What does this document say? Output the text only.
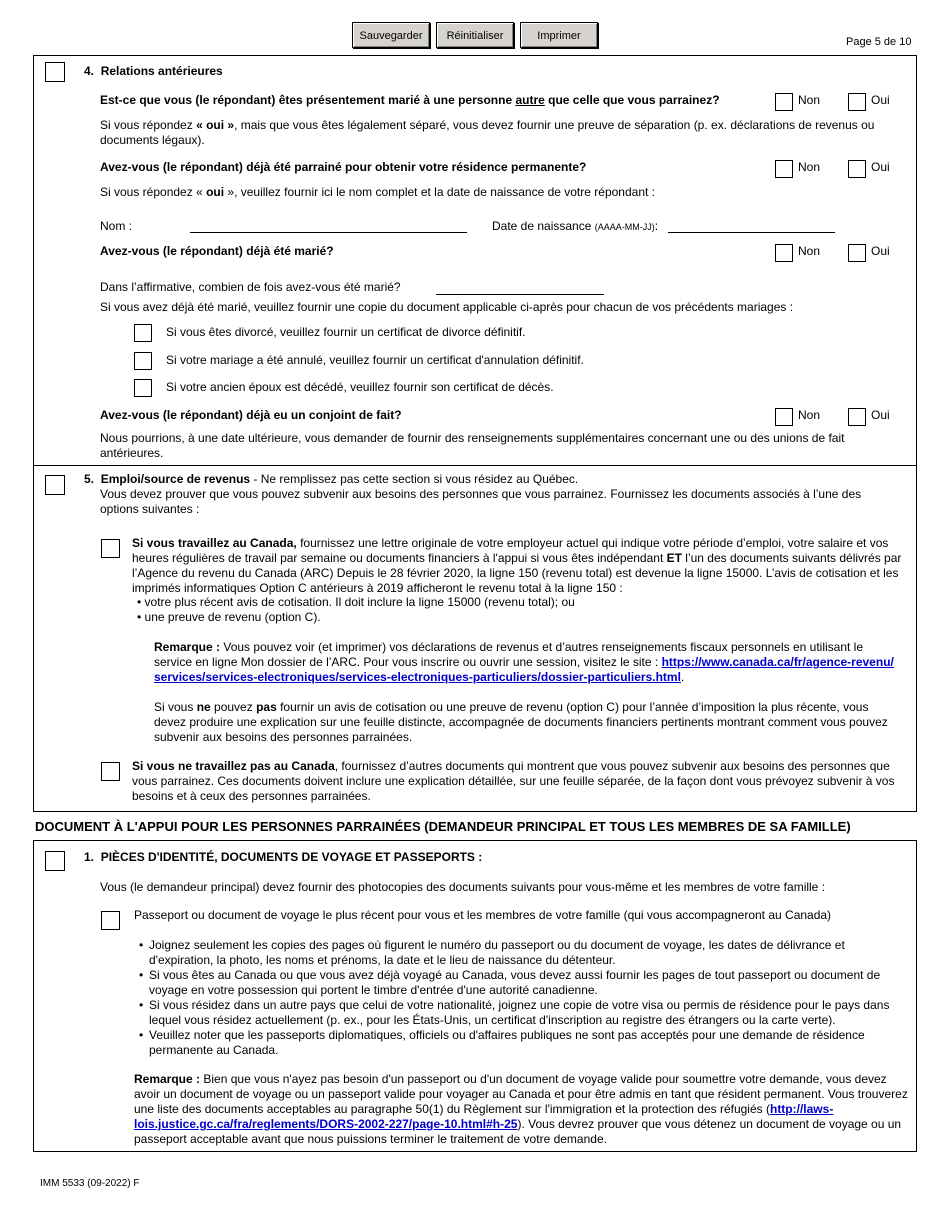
Sauvegarder	Réinitialiser	Imprimer	Page 5 de 10
4. Relations antérieures
Est-ce que vous (le répondant) êtes présentement marié à une personne autre que celle que vous parrainez?	Non	Oui
Si vous répondez « oui », mais que vous êtes légalement séparé, vous devez fournir une preuve de séparation (p. ex. déclarations de revenus ou documents légaux).
Avez-vous (le répondant) déjà été parrainé pour obtenir votre résidence permanente?	Non	Oui
Si vous répondez « oui », veuillez fournir ici le nom complet et la date de naissance de votre répondant :
Nom :	Date de naissance (AAAA-MM-JJ):
Avez-vous (le répondant) déjà été marié?	Non	Oui
Dans l’affirmative, combien de fois avez-vous été marié?
Si vous avez déjà été marié, veuillez fournir une copie du document applicable ci-après pour chacun de vos précédents mariages :
Si vous êtes divorcé, veuillez fournir un certificat de divorce définitif.
Si votre mariage a été annulé, veuillez fournir un certificat d'annulation définitif.
Si votre ancien époux est décédé, veuillez fournir son certificat de décès.
Avez-vous (le répondant) déjà eu un conjoint de fait?	Non	Oui
Nous pourrions, à une date ultérieure, vous demander de fournir des renseignements supplémentaires concernant une ou des unions de fait antérieures.
5. Emploi/source de revenus - Ne remplissez pas cette section si vous résidez au Québec.
Vous devez prouver que vous pouvez subvenir aux besoins des personnes que vous parrainez. Fournissez les documents associés à l’une des options suivantes :
Si vous travaillez au Canada, fournissez une lettre originale de votre employeur actuel qui indique votre période d’emploi, votre salaire et vos heures régulières de travail par semaine ou documents financiers à l'appui si vous êtes indépendant ET l’un des documents suivants délivrés par l’Agence du revenu du Canada (ARC) Depuis le 28 février 2020, la ligne 150 (revenu total) est devenue la ligne 15000. L’avis de cotisation et les imprimés informatiques Option C antérieurs à 2019 afficheront le revenu total à la ligne 150 :
• votre plus récent avis de cotisation. Il doit inclure la ligne 15000 (revenu total); ou
• une preuve de revenu (option C).
Remarque : Vous pouvez voir (et imprimer) vos déclarations de revenus et d’autres renseignements fiscaux personnels en utilisant le service en ligne Mon dossier de l’ARC. Pour vous inscrire ou ouvrir une session, visitez le site : https://www.canada.ca/fr/agence-revenu/services/services-electroniques/services-electroniques-particuliers/dossier-particuliers.html.
Si vous ne pouvez pas fournir un avis de cotisation ou une preuve de revenu (option C) pour l’année d’imposition la plus récente, vous devez produire une explication sur une feuille distincte, accompagnée de documents financiers pertinents montrant comment vous pouvez subvenir aux besoins des personnes parrainées.
Si vous ne travaillez pas au Canada, fournissez d’autres documents qui montrent que vous pouvez subvenir aux besoins des personnes que vous parrainez. Ces documents doivent inclure une explication détaillée, sur une feuille séparée, de la façon dont vous prévoyez subvenir à vos besoins et à ceux des personnes parrainées.
DOCUMENT À L'APPUI POUR LES PERSONNES PARRAINÉES (DEMANDEUR PRINCIPAL ET TOUS LES MEMBRES DE SA FAMILLE)
1. PIÈCES D'IDENTITÉ, DOCUMENTS DE VOYAGE ET PASSEPORTS :
Vous (le demandeur principal) devez fournir des photocopies des documents suivants pour vous-même et les membres de votre famille :
Passeport ou document de voyage le plus récent pour vous et les membres de votre famille (qui vous accompagneront au Canada)
• Joignez seulement les copies des pages où figurent le numéro du passeport ou du document de voyage, les dates de délivrance et d'expiration, la photo, les noms et prénoms, la date et le lieu de naissance du détenteur.
• Si vous êtes au Canada ou que vous avez déjà voyagé au Canada, vous devez aussi fournir les pages de tout passeport ou document de voyage en votre possession qui portent le timbre d'entrée d'une autorité canadienne.
• Si vous résidez dans un autre pays que celui de votre nationalité, joignez une copie de votre visa ou permis de résidence pour le pays dans lequel vous résidez actuellement (p. ex., pour les États-Unis, un certificat d'inscription au registre des étrangers ou la carte verte).
• Veuillez noter que les passeports diplomatiques, officiels ou d'affaires publiques ne sont pas acceptés pour une demande de résidence permanente au Canada.
Remarque : Bien que vous n'ayez pas besoin d'un passeport ou d'un document de voyage valide pour soumettre votre demande, vous devez avoir un document de voyage ou un passeport valide pour voyager au Canada et pour être admis en tant que résident permanent. Vous trouverez une liste des documents acceptables au paragraphe 50(1) du Règlement sur l'immigration et la protection des réfugiés (http://laws-lois.justice.gc.ca/fra/reglements/DORS-2002-227/page-10.html#h-25). Vous devrez prouver que vous détenez un document de voyage ou un passeport acceptable avant que nous puissions terminer le traitement de votre demande.
IMM 5533 (09-2022) F
